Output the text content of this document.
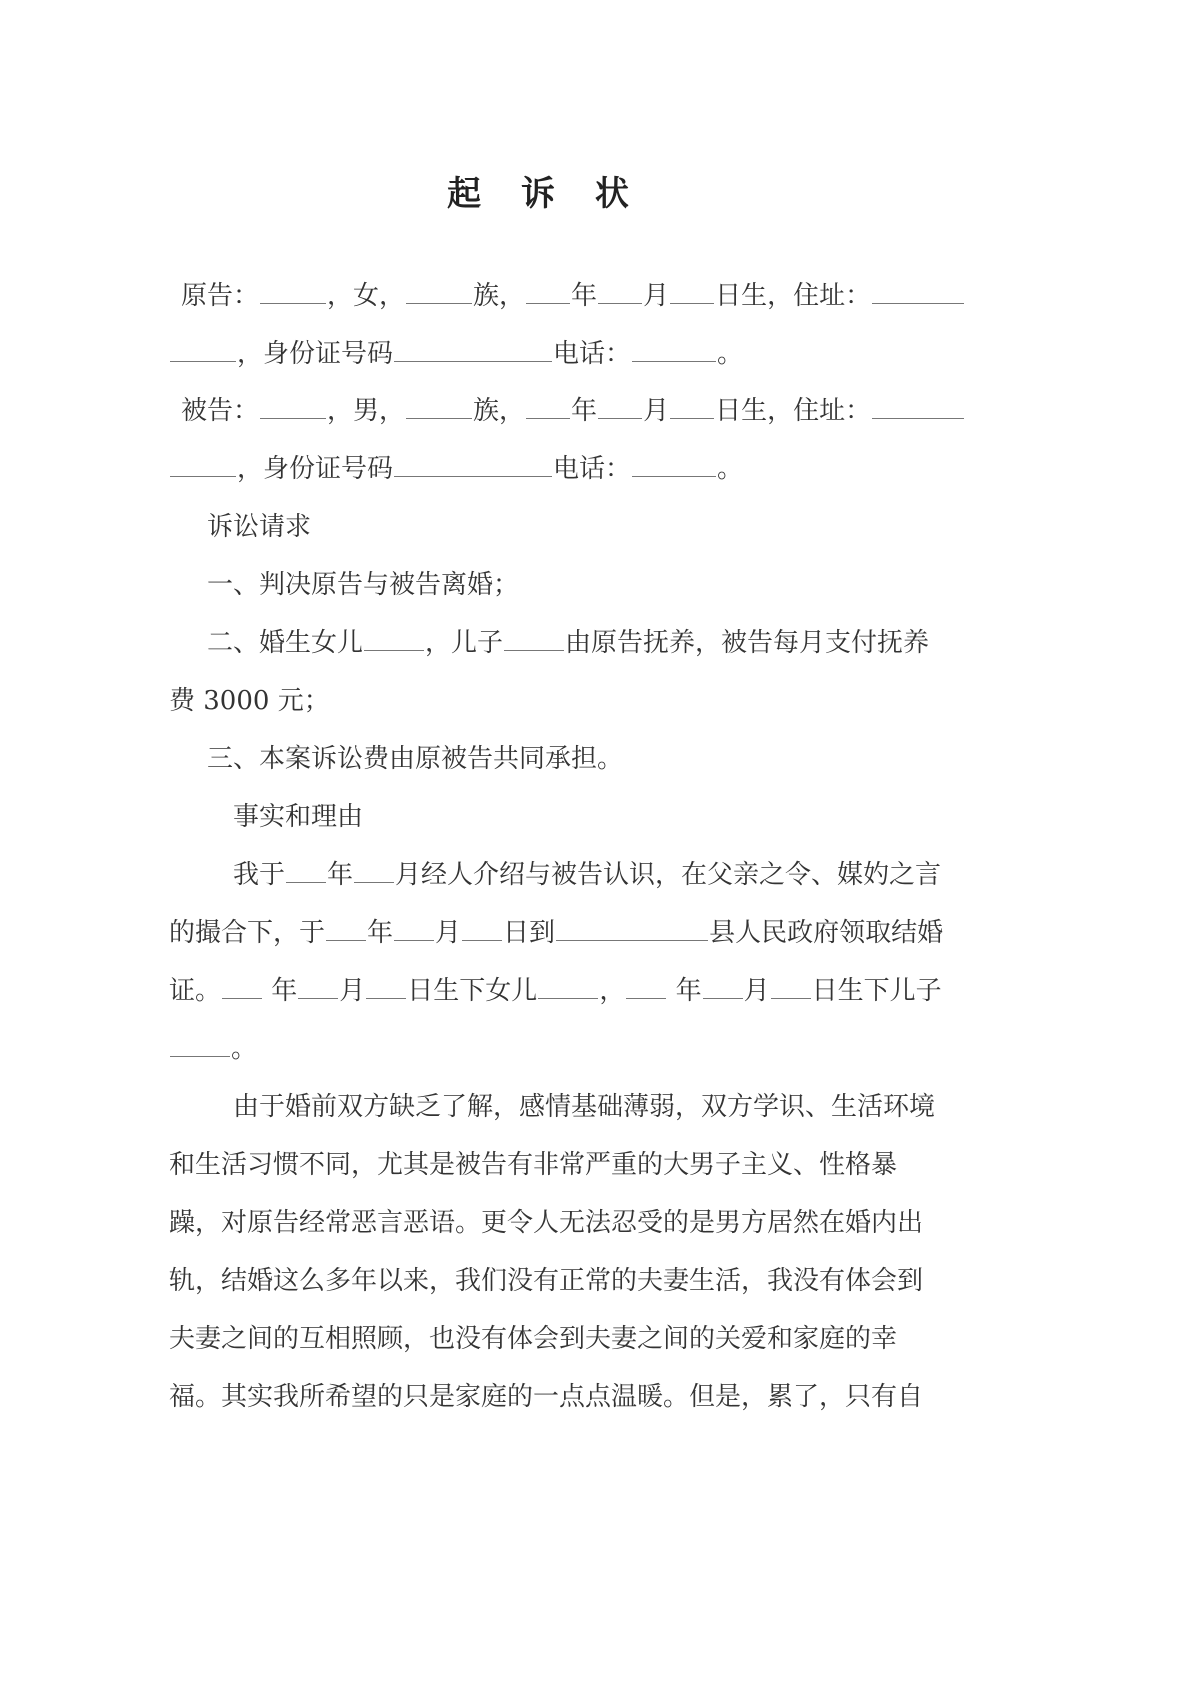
起 诉 状
原告：	，女，	族， 年 月 日生，住址：
，身份证号码	电话：	。
被告：	，男，	族， 年 月 日生，住址：
，身份证号码	电话：	。
诉讼请求
一、判决原告与被告离婚；
二、婚生女儿 ，儿子 由原告抚养，被告每月支付抚养
费 3000 元；
三、本案诉讼费由原被告共同承担。
事实和理由
我于 年 月经人介绍与被告认识，在父亲之令、媒妁之言
的撮合下，于 年 月 日到	县人民政府领取结婚
证。 年 月 日生下女儿 ， 年 月 日生下儿子
。
由于婚前双方缺乏了解，感情基础薄弱，双方学识、生活环境
和生活习惯不同，尤其是被告有非常严重的大男子主义、性格暴
躁，对原告经常恶言恶语。更令人无法忍受的是男方居然在婚内出
轨，结婚这么多年以来，我们没有正常的夫妻生活，我没有体会到
夫妻之间的互相照顾，也没有体会到夫妻之间的关爱和家庭的幸
福。其实我所希望的只是家庭的一点点温暖。但是，累了，只有自
